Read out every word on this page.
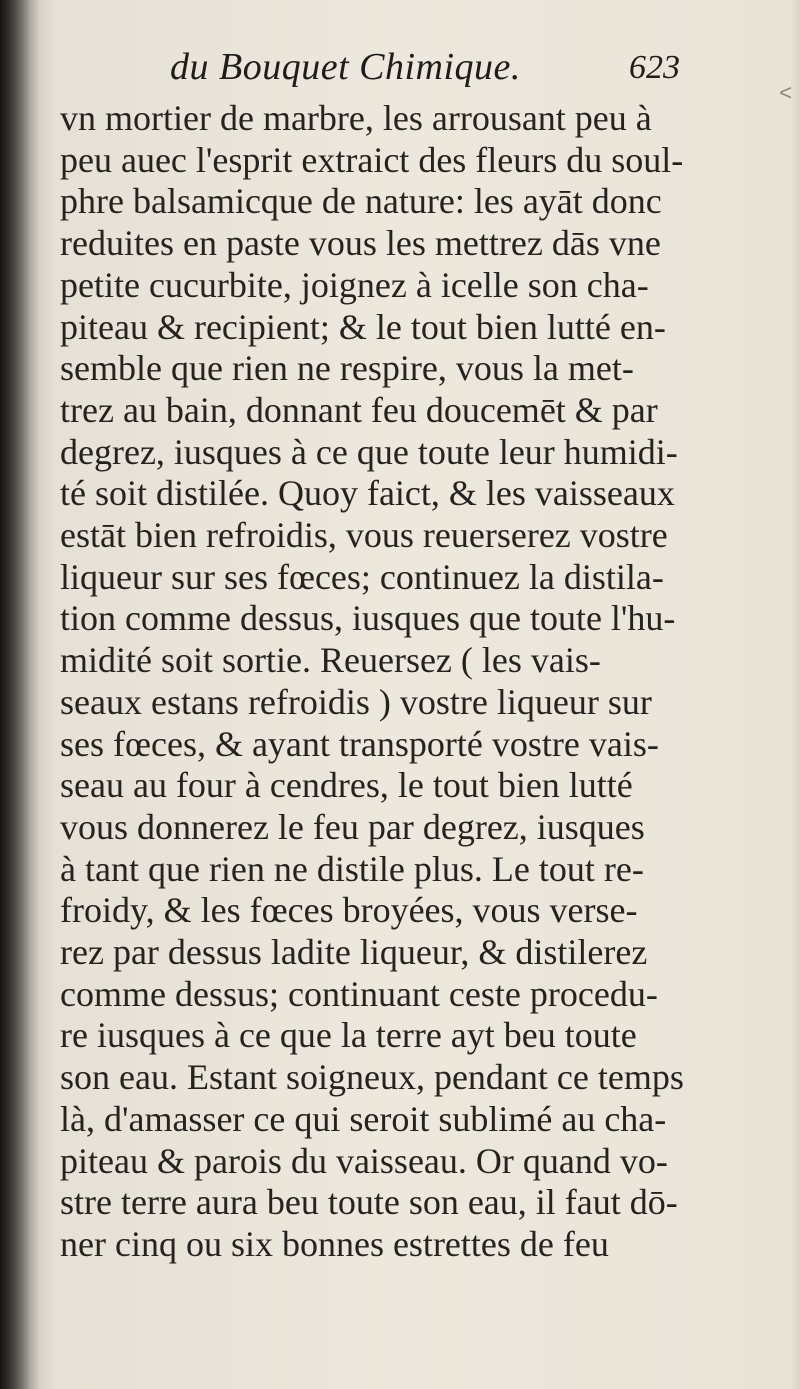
du Bouquet Chimique.	623
<
vn mortier de marbre, les arrousant peu à
peu auec l'esprit extraict des fleurs du soul-
phre balsamicque de nature: les ayāt donc
reduites en paste vous les mettrez dās vne
petite cucurbite, joignez à icelle son cha-
piteau & recipient; & le tout bien lutté en-
semble que rien ne respire, vous la met-
trez au bain, donnant feu doucemēt & par
degrez, iusques à ce que toute leur humidi-
té soit distilée. Quoy faict, & les vaisseaux
estāt bien refroidis, vous reuerserez vostre
liqueur sur ses fœces; continuez la distila-
tion comme dessus, iusques que toute l'hu-
midité soit sortie. Reuersez ( les vais-
seaux estans refroidis ) vostre liqueur sur
ses fœces, & ayant transporté vostre vais-
seau au four à cendres, le tout bien lutté
vous donnerez le feu par degrez, iusques
à tant que rien ne distile plus. Le tout re-
froidy, & les fœces broyées, vous verse-
rez par dessus ladite liqueur, & distilerez
comme dessus; continuant ceste procedu-
re iusques à ce que la terre ayt beu toute
son eau. Estant soigneux, pendant ce temps
là, d'amasser ce qui seroit sublimé au cha-
piteau & parois du vaisseau. Or quand vo-
stre terre aura beu toute son eau, il faut dō-
ner cinq ou six bonnes estrettes de feu
